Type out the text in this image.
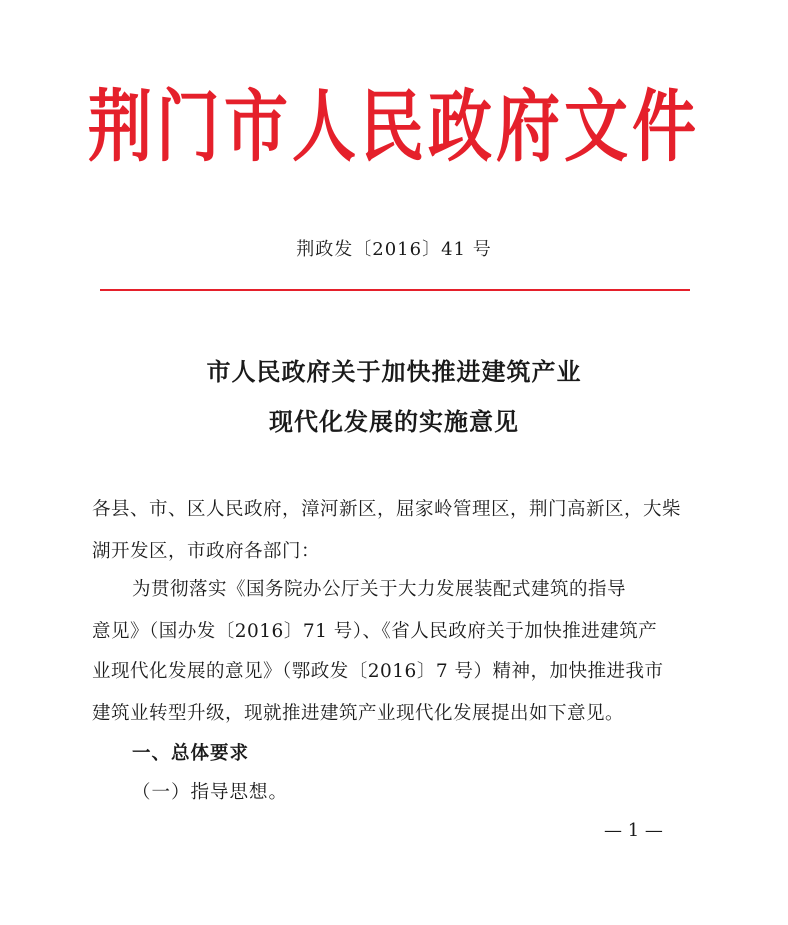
荆门市人民政府文件
荆政发〔2016〕41 号
市人民政府关于加快推进建筑产业
现代化发展的实施意见
各县、市、区人民政府，漳河新区，屈家岭管理区，荆门高新区，大柴
湖开发区，市政府各部门：
为贯彻落实《国务院办公厅关于大力发展装配式建筑的指导
意见》（国办发〔2016〕71 号）、《省人民政府关于加快推进建筑产
业现代化发展的意见》（鄂政发〔2016〕7 号）精神，加快推进我市
建筑业转型升级，现就推进建筑产业现代化发展提出如下意见。
一、总体要求
（一）指导思想。
— 1 —
